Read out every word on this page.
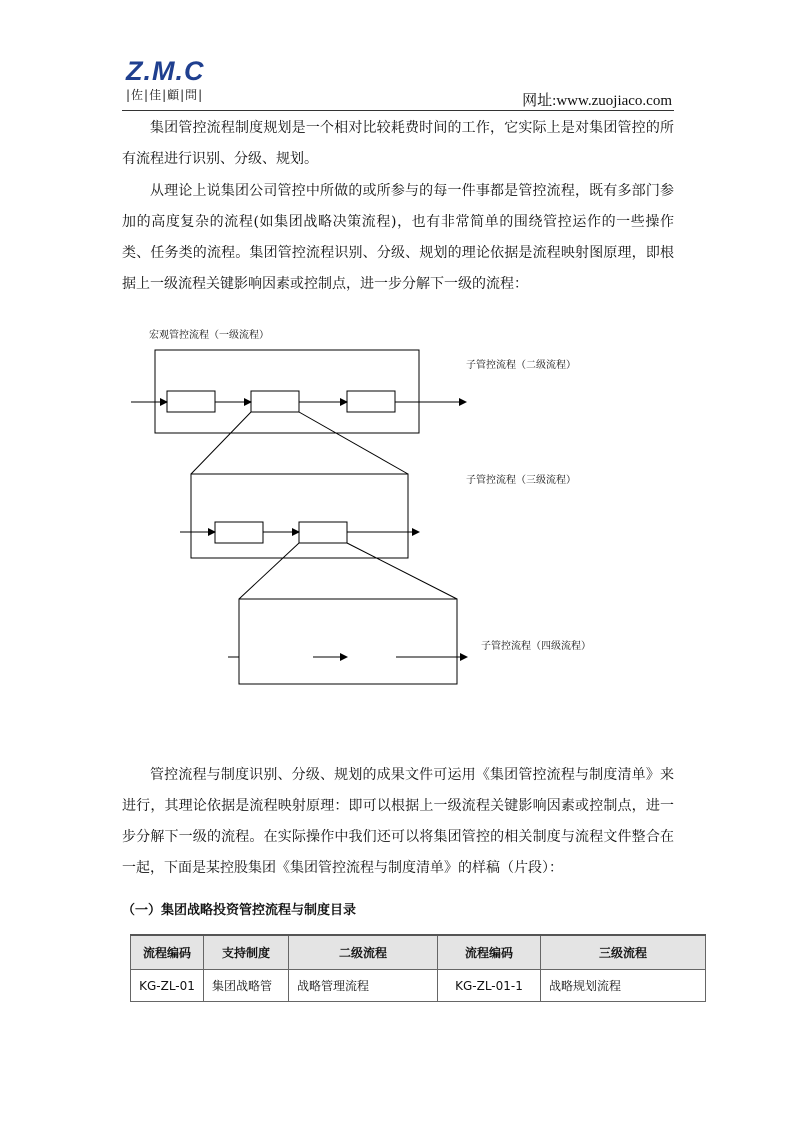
Z.M.C
|佐|佳|顧|問|	网址:www.zuojiaco.com

集团管控流程制度规划是一个相对比较耗费时间的工作，它实际上是对集团管控的所有流程进行识别、分级、规划。

从理论上说集团公司管控中所做的或所参与的每一件事都是管控流程，既有多部门参加的高度复杂的流程(如集团战略决策流程)，也有非常简单的围绕管控运作的一些操作类、任务类的流程。集团管控流程识别、分级、规划的理论依据是流程映射图原理，即根据上一级流程关键影响因素或控制点，进一步分解下一级的流程：

宏观管控流程（一级流程）
子管控流程（二级流程）
子管控流程（三级流程）
子管控流程（四级流程）

管控流程与制度识别、分级、规划的成果文件可运用《集团管控流程与制度清单》来进行，其理论依据是流程映射原理：即可以根据上一级流程关键影响因素或控制点，进一步分解下一级的流程。在实际操作中我们还可以将集团管控的相关制度与流程文件整合在一起，下面是某控股集团《集团管控流程与制度清单》的样稿（片段）：

（一）集团战略投资管控流程与制度目录
流程编码	支持制度	二级流程	流程编码	三级流程
KG-ZL-01	集团战略管	战略管理流程	KG-ZL-01-1	战略规划流程
